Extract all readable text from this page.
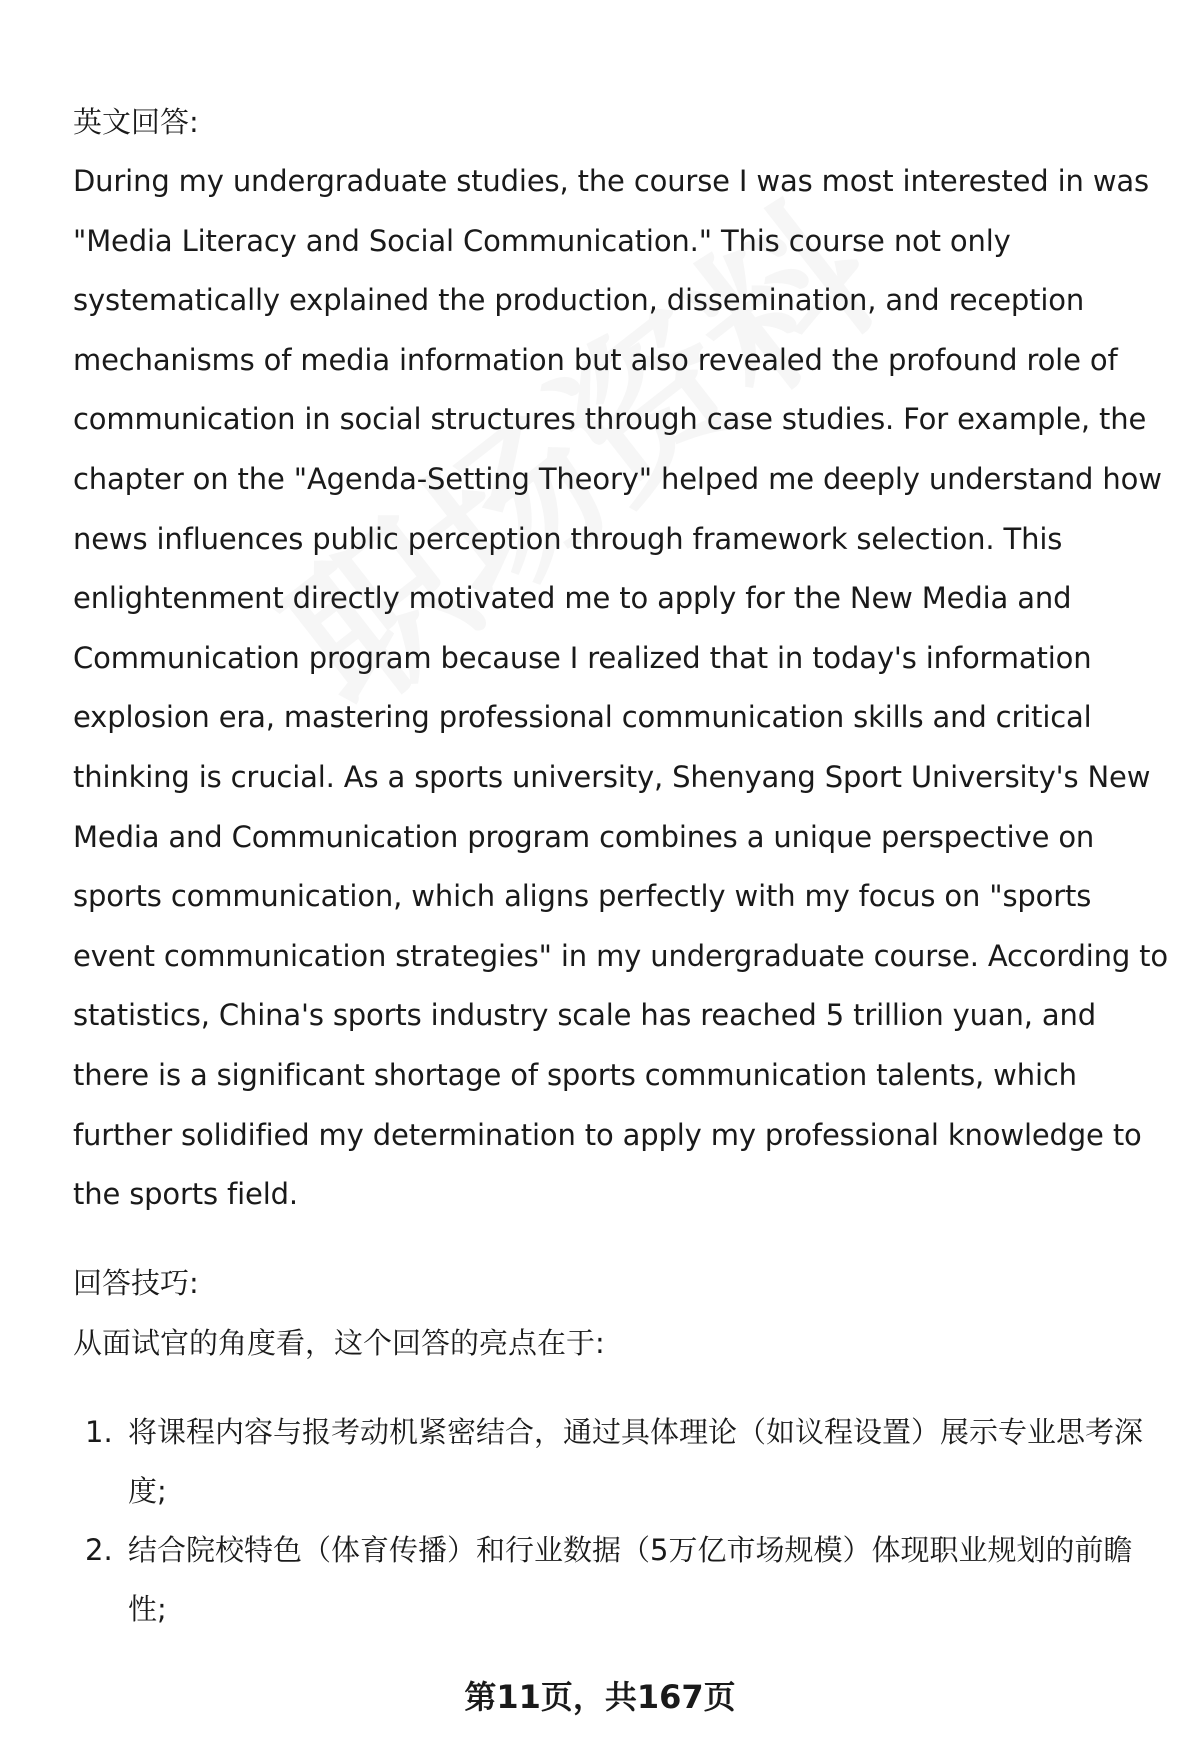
英文回答:

During my undergraduate studies, the course I was most interested in was "Media Literacy and Social Communication." This course not only systematically explained the production, dissemination, and reception mechanisms of media information but also revealed the profound role of communication in social structures through case studies. For example, the chapter on the "Agenda-Setting Theory" helped me deeply understand how news influences public perception through framework selection. This enlightenment directly motivated me to apply for the New Media and Communication program because I realized that in today's information explosion era, mastering professional communication skills and critical thinking is crucial. As a sports university, Shenyang Sport University's New Media and Communication program combines a unique perspective on sports communication, which aligns perfectly with my focus on "sports event communication strategies" in my undergraduate course. According to statistics, China's sports industry scale has reached 5 trillion yuan, and there is a significant shortage of sports communication talents, which further solidified my determination to apply my professional knowledge to the sports field.

回答技巧:

从面试官的角度看，这个回答的亮点在于:

1. 将课程内容与报考动机紧密结合，通过具体理论（如议程设置）展示专业思考深度;
2. 结合院校特色（体育传播）和行业数据（5万亿市场规模）体现职业规划的前瞻性;
第11页，共167页
